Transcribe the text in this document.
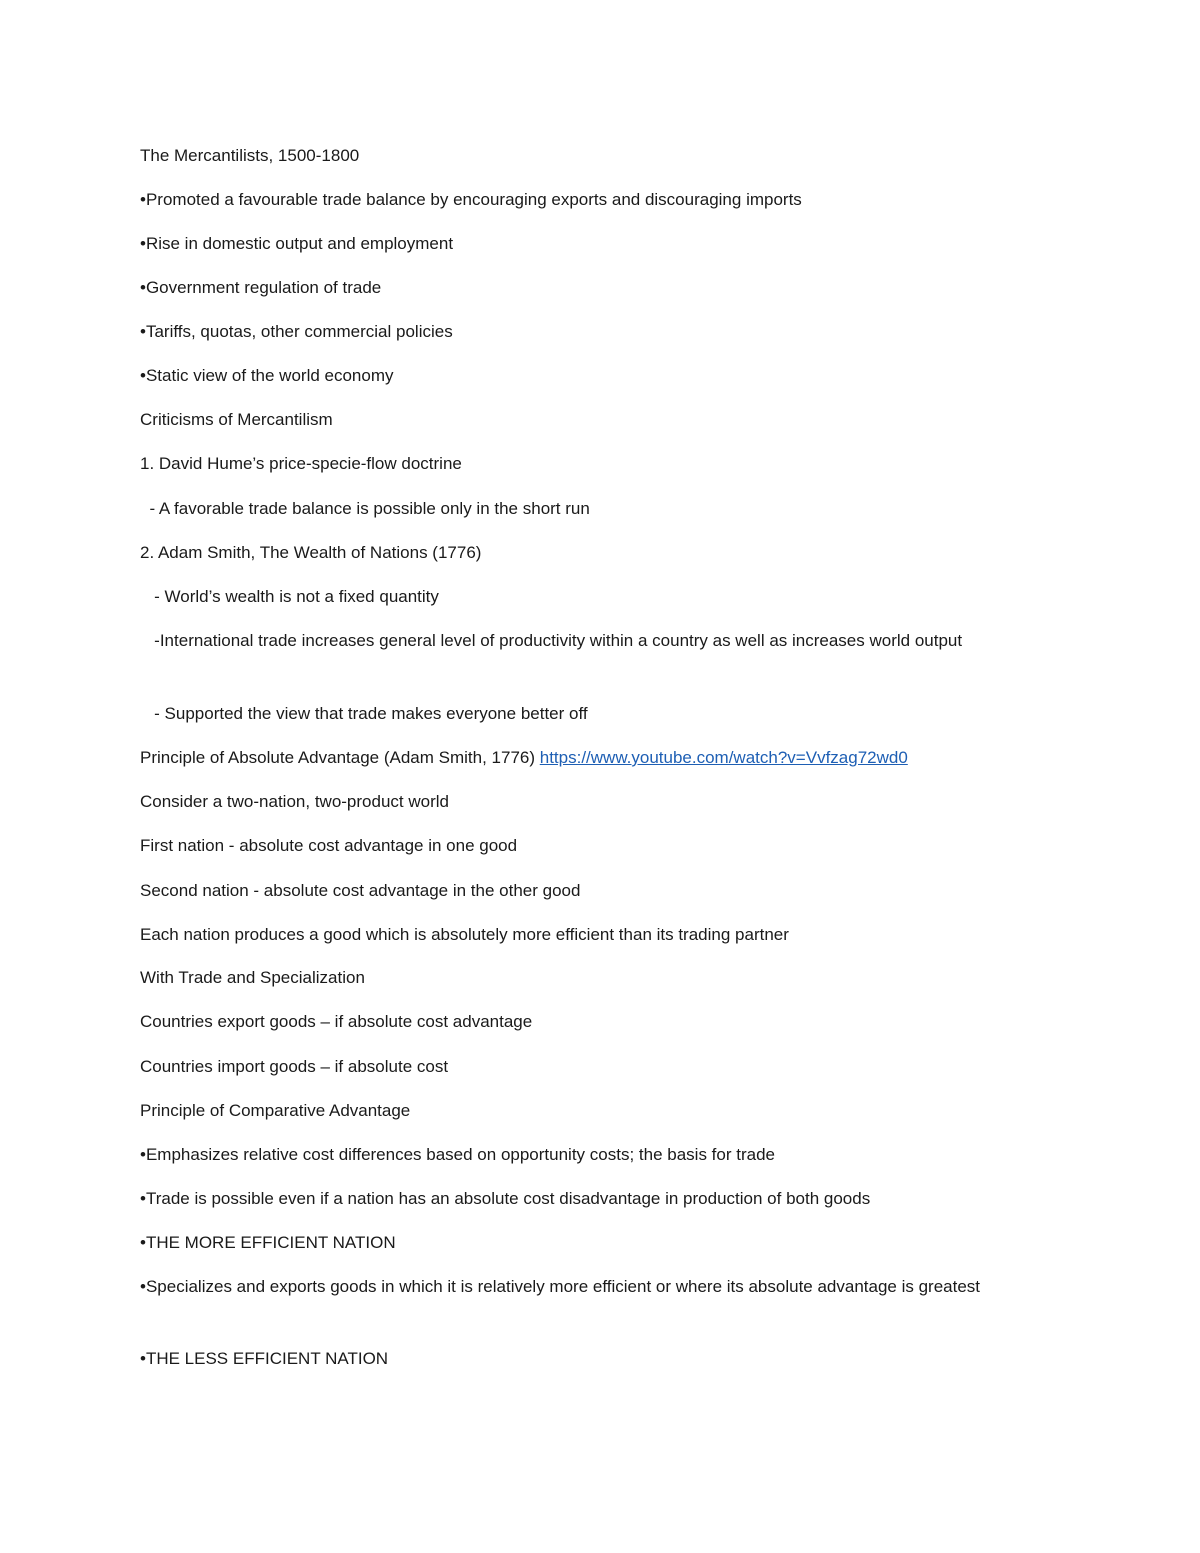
The Mercantilists, 1500-1800

•Promoted a favourable trade balance by encouraging exports and discouraging imports

•Rise in domestic output and employment

•Government regulation of trade

•Tariffs, quotas, other commercial policies

•Static view of the world economy

Criticisms of Mercantilism

1. David Hume’s price-specie-flow doctrine

- A favorable trade balance is possible only in the short run

2. Adam Smith, The Wealth of Nations (1776)

- World’s wealth is not a fixed quantity

-International trade increases general level of productivity within a country as well as increases world output

- Supported the view that trade makes everyone better off

Principle of Absolute Advantage (Adam Smith, 1776) https://www.youtube.com/watch?v=Vvfzag72wd0

Consider a two-nation, two-product world

First nation - absolute cost advantage in one good

Second nation - absolute cost advantage in the other good

Each nation produces a good which is absolutely more efficient than its trading partner

With Trade and Specialization

Countries export goods – if absolute cost advantage

Countries import goods – if absolute cost

Principle of Comparative Advantage

•Emphasizes relative cost differences based on opportunity costs; the basis for trade

•Trade is possible even if a nation has an absolute cost disadvantage in production of both goods

•THE MORE EFFICIENT NATION

•Specializes and exports goods in which it is relatively more efficient or where its absolute advantage is greatest

•THE LESS EFFICIENT NATION
